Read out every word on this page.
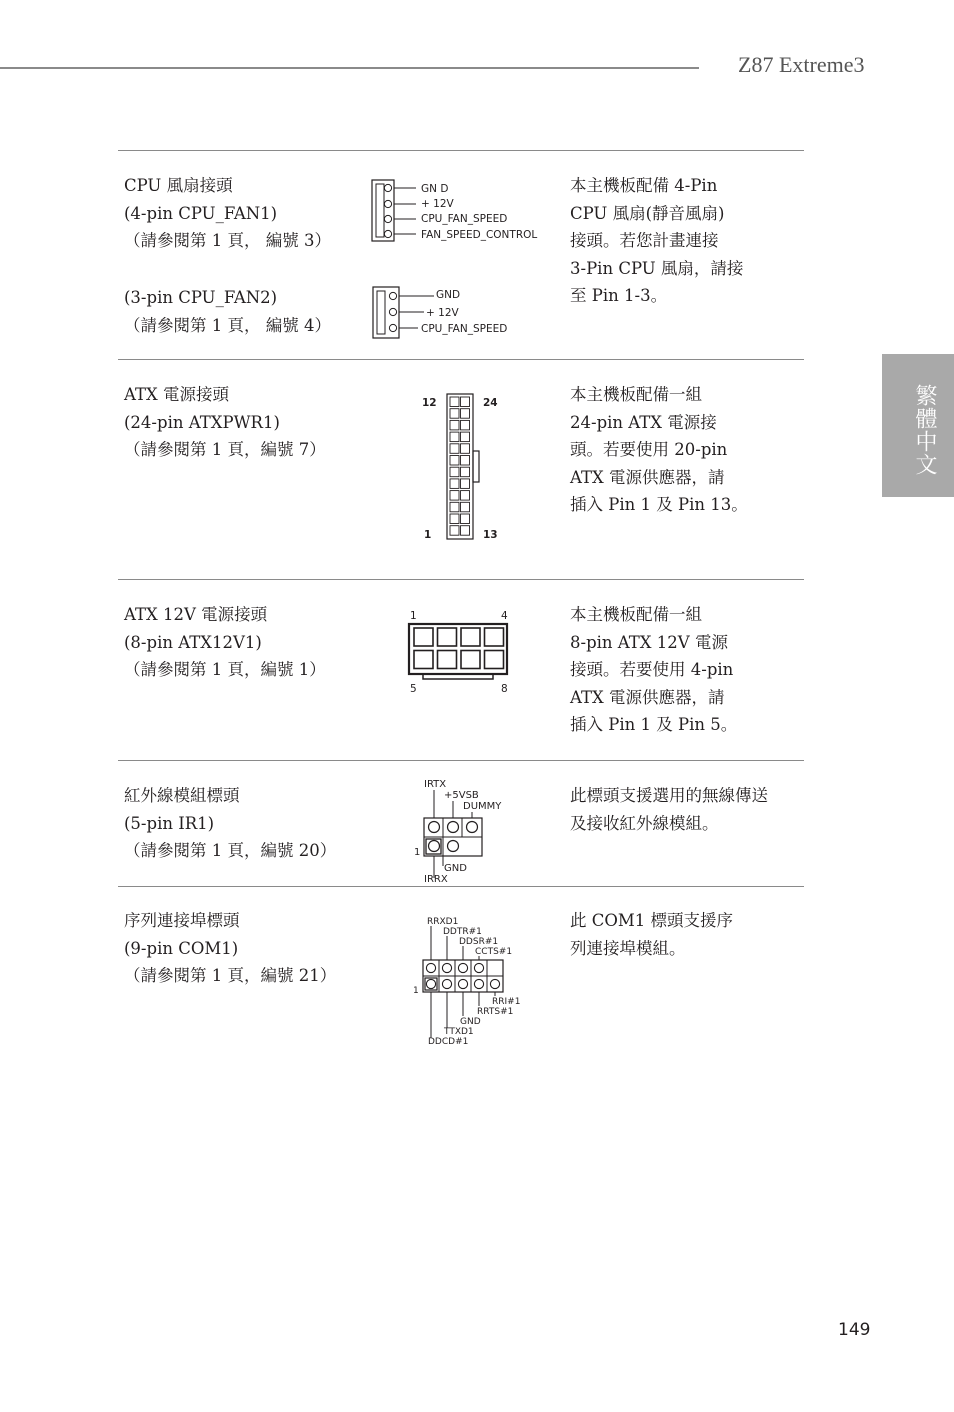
Z87 Extreme3
繁體中文
CPU 風扇接頭
(4-pin CPU_FAN1)
（請參閱第 1 頁， 編號 3）
(3-pin CPU_FAN2)
（請參閱第 1 頁， 編號 4）
GN D
+ 12V
CPU_FAN_SPEED
FAN_SPEED_CONTROL
GND
+ 12V
CPU_FAN_SPEED
本主機板配備 4-Pin
CPU 風扇(靜音風扇)
接頭。若您計畫連接
3-Pin CPU 風扇，請接
至 Pin 1-3。
ATX 電源接頭
(24-pin ATXPWR1)
（請參閱第 1 頁，編號 7）
12	24
1	13
本主機板配備一組
24-pin ATX 電源接
頭。若要使用 20-pin
ATX 電源供應器，請
插入 Pin 1 及 Pin 13。
ATX 12V 電源接頭
(8-pin ATX12V1)
（請參閱第 1 頁，編號 1）
1	4
5	8
本主機板配備一組
8-pin ATX 12V 電源
接頭。若要使用 4-pin
ATX 電源供應器，請
插入 Pin 1 及 Pin 5。
紅外線模組標頭
(5-pin IR1)
（請參閱第 1 頁，編號 20）
IRTX
+5VSB
DUMMY
1
GND
IRRX
此標頭支援選用的無線傳送
及接收紅外線模組。
序列連接埠標頭
(9-pin COM1)
（請參閱第 1 頁，編號 21）
RRXD1
DDTR#1
DDSR#1
CCTS#1
1
RRI#1
RRTS#1
GND
TTXD1
DDCD#1
此 COM1 標頭支援序
列連接埠模組。
149
